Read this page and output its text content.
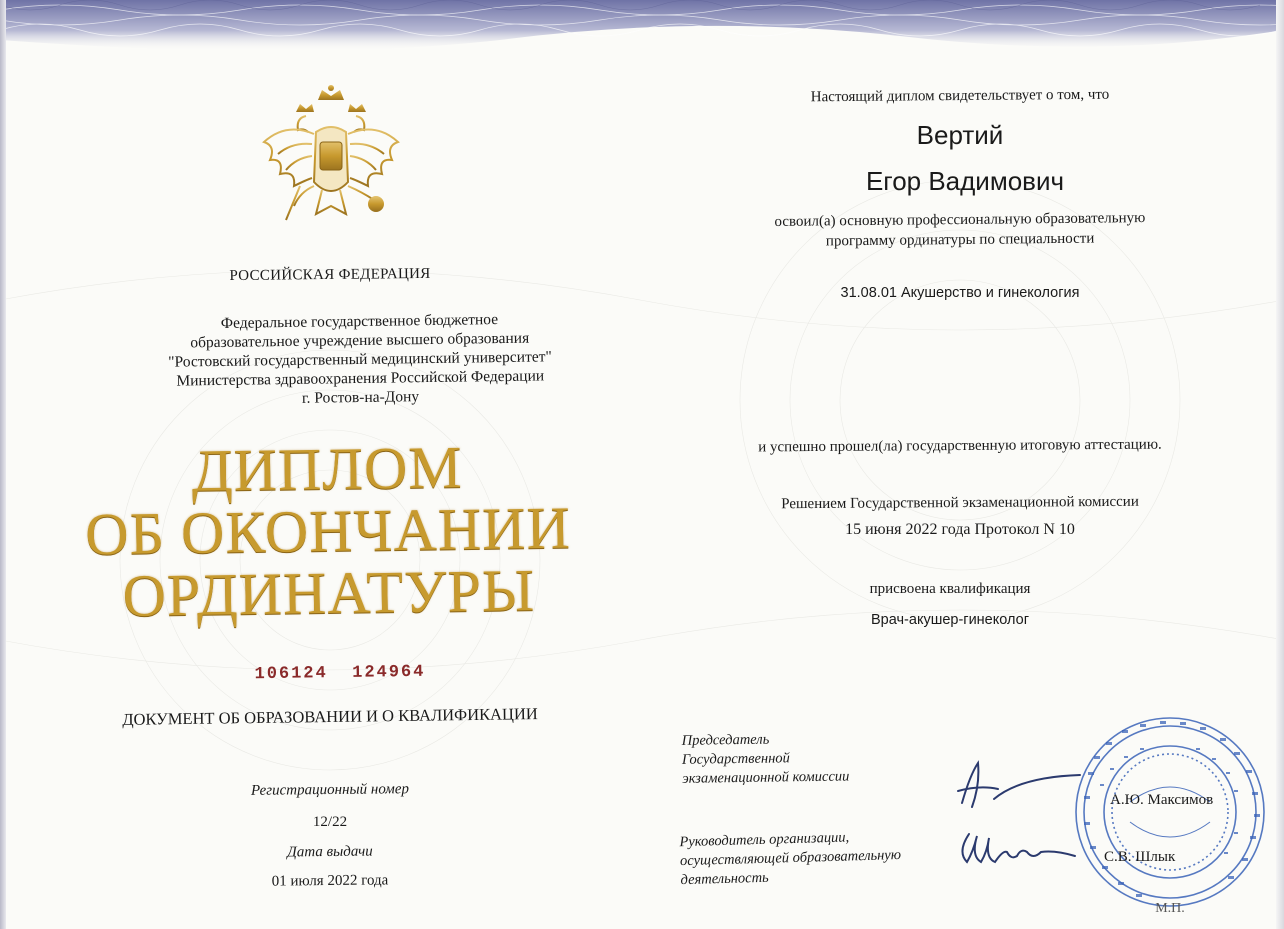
РОССИЙСКАЯ ФЕДЕРАЦИЯ
Федеральное государственное бюджетное
образовательное учреждение высшего образования
"Ростовский государственный медицинский университет"
Министерства здравоохранения Российской Федерации
г. Ростов-на-Дону
ДИПЛОМ
ОБ ОКОНЧАНИИ
ОРДИНАТУРЫ
106124  124964
ДОКУМЕНТ ОБ ОБРАЗОВАНИИ И О КВАЛИФИКАЦИИ
Регистрационный номер
12/22
Дата выдачи
01 июля 2022 года
Настоящий диплом свидетельствует о том, что
Вертий
Егор Вадимович
освоил(а) основную профессиональную образовательную
программу ординатуры по специальности
31.08.01 Акушерство и гинекология
и успешно прошел(ла) государственную итоговую аттестацию.
Решением Государственной экзаменационной комиссии
15 июня 2022 года Протокол N 10
присвоена квалификация
Врач-акушер-гинеколог
Председатель
Государственной
экзаменационной комиссии
Руководитель организации,
осуществляющей образовательную
деятельность
М.П.
А.Ю. Максимов
С.В. Шлык
